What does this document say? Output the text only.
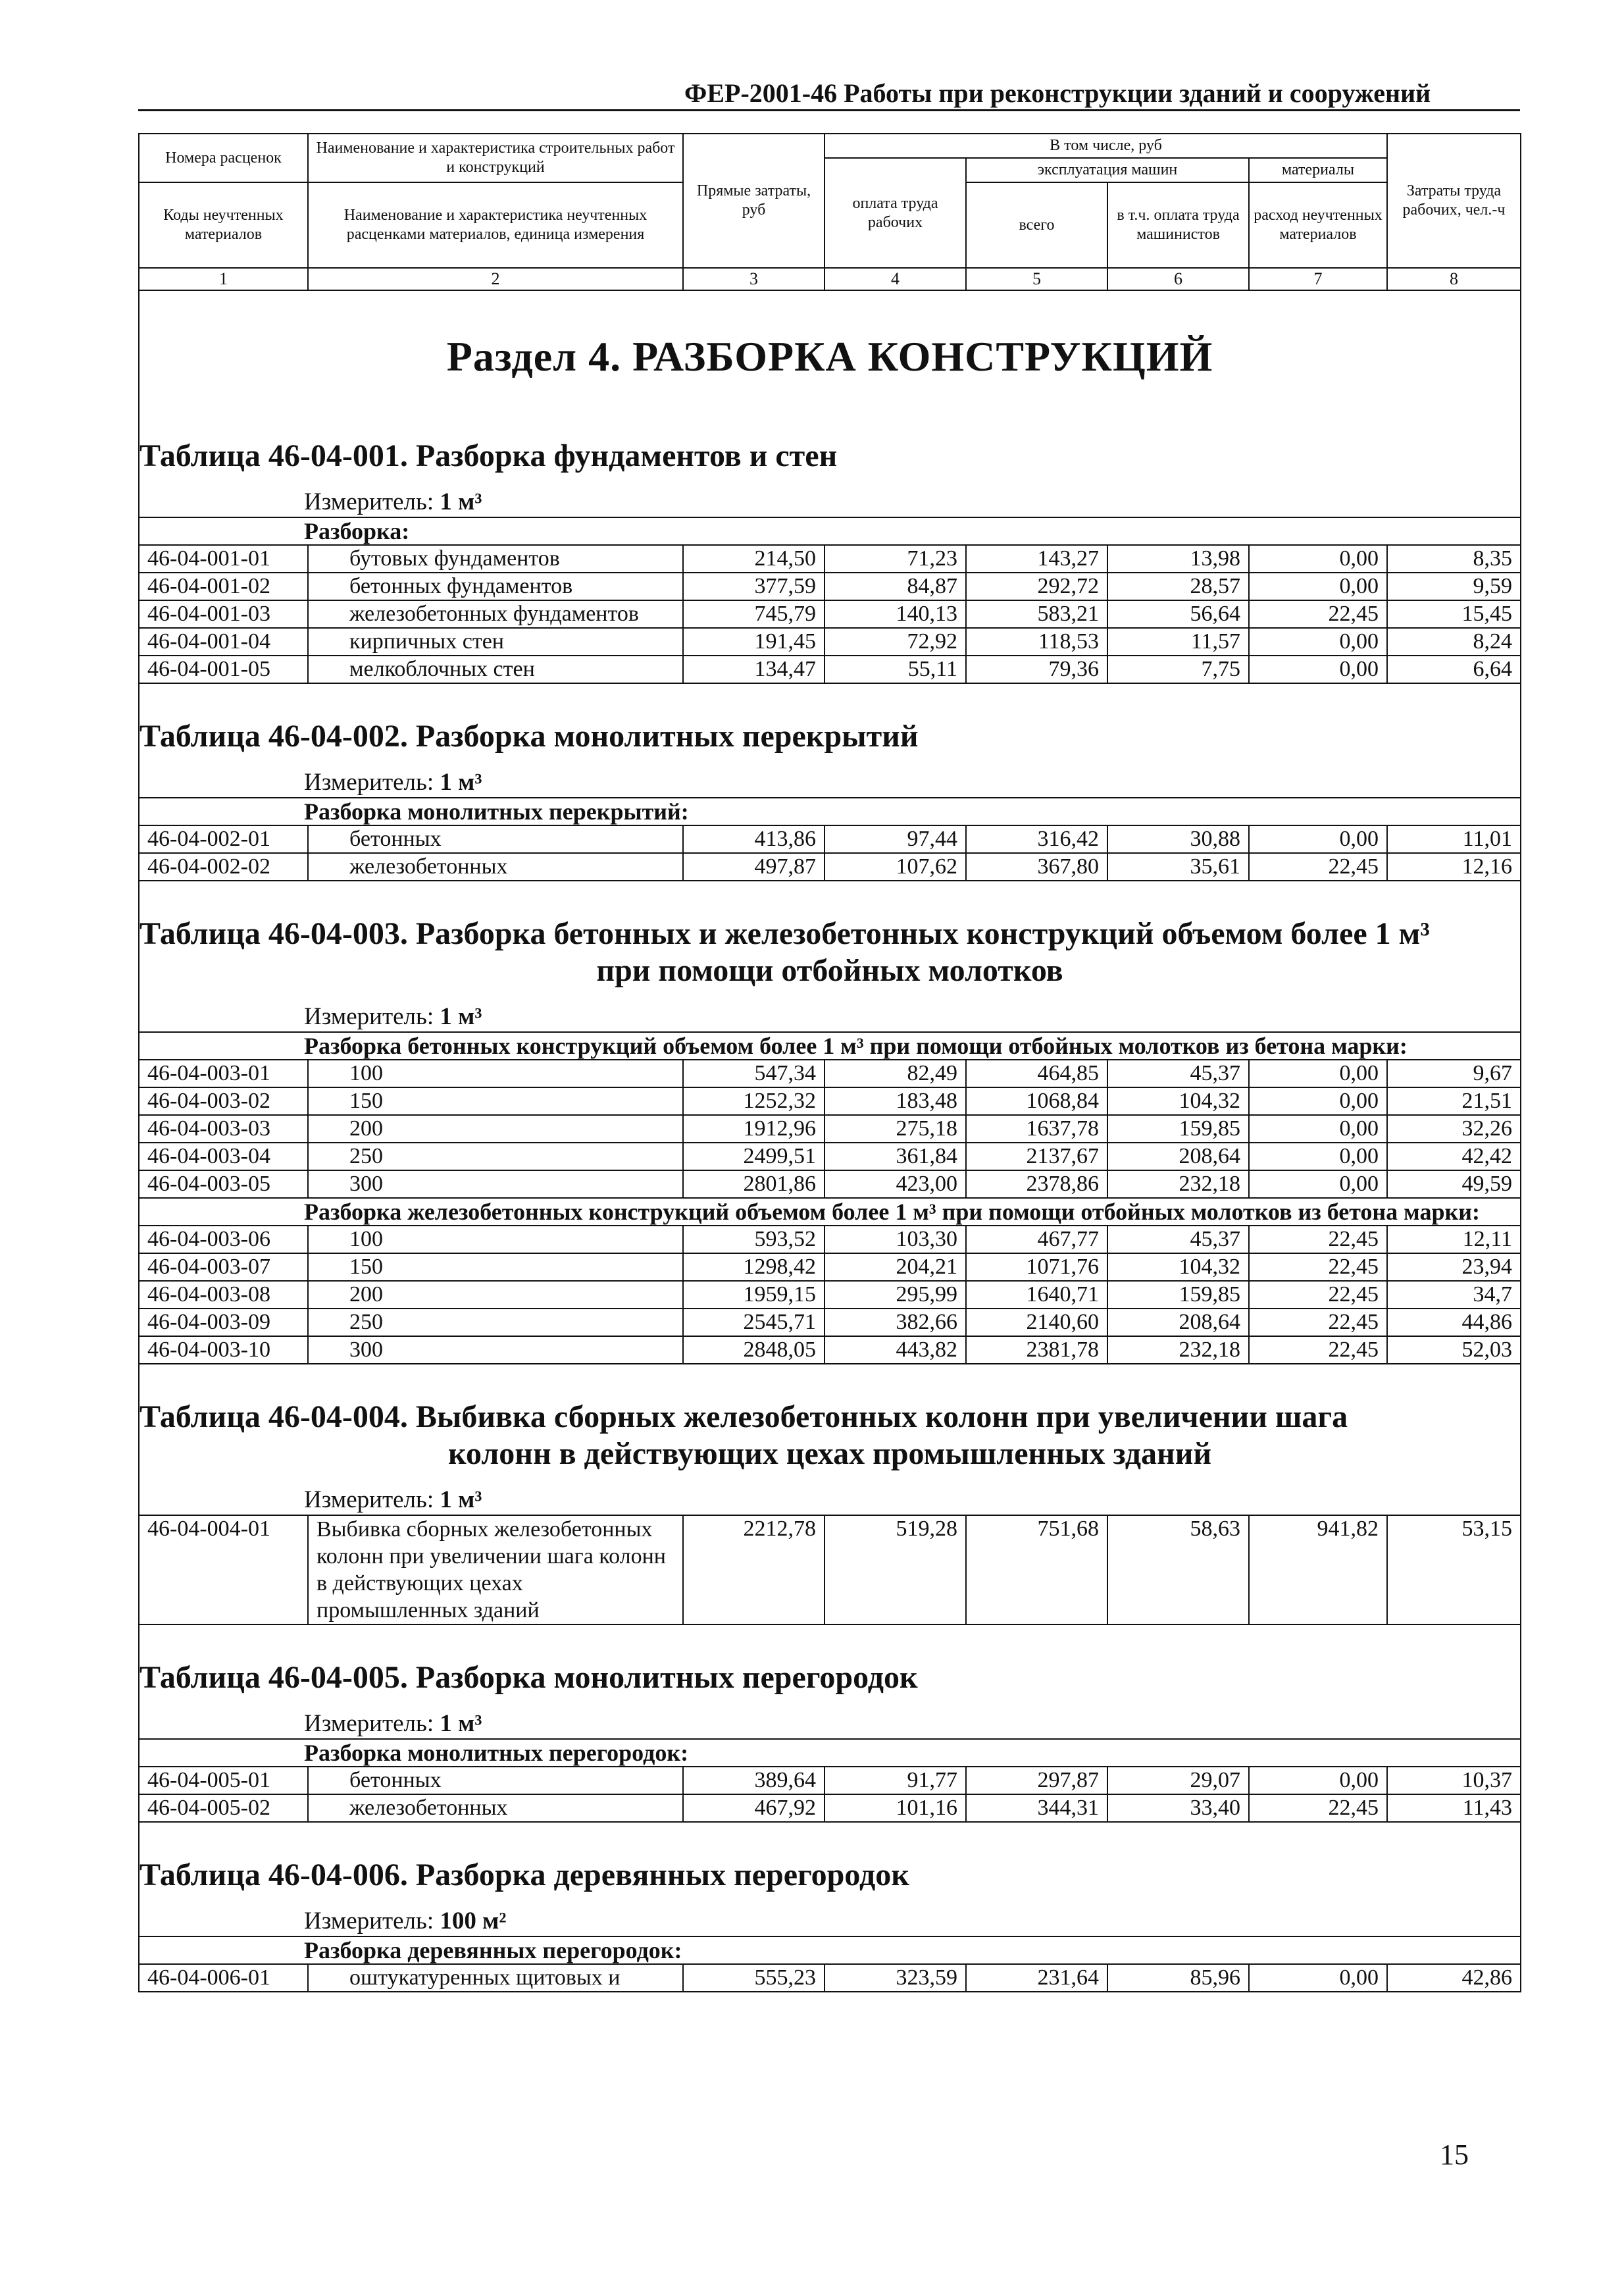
ФЕР-2001-46 Работы при реконструкции зданий и сооружений
Номера расценок	Наименование и характеристика строительных работ и конструкций	Прямые затраты, руб	В том числе, руб				Затраты труда рабочих, чел.-ч
			оплата труда рабочих	эксплуатация машин		материалы	
Коды неучтенных материалов	Наименование и характеристика неучтенных расценками материалов, единица измерения			всего	в т.ч. оплата труда машинистов	расход неучтенных материалов	

1	2	3	4	5	6	7	8
Раздел 4. РАЗБОРКА КОНСТРУКЦИЙ							
Таблица 46-04-001. Разборка фундаментов и стен							
Измеритель: 1 м³							
Разборка:							
46-04-001-01	бутовых фундаментов	214,50	71,23	143,27	13,98	0,00	8,35
46-04-001-02	бетонных фундаментов	377,59	84,87	292,72	28,57	0,00	9,59
46-04-001-03	железобетонных фундаментов	745,79	140,13	583,21	56,64	22,45	15,45
46-04-001-04	кирпичных стен	191,45	72,92	118,53	11,57	0,00	8,24
46-04-001-05	мелкоблочных стен	134,47	55,11	79,36	7,75	0,00	6,64
Таблица 46-04-002. Разборка монолитных перекрытий							
Измеритель: 1 м³							
Разборка монолитных перекрытий:							
46-04-002-01	бетонных	413,86	97,44	316,42	30,88	0,00	11,01
46-04-002-02	железобетонных	497,87	107,62	367,80	35,61	22,45	12,16
Таблица 46-04-003. Разборка бетонных и железобетонных конструкций объемом более 1 м³
при помощи отбойных молотков							

Измеритель: 1 м³							
Разборка бетонных конструкций объемом более 1 м³ при помощи отбойных молотков из бетона марки:							
46-04-003-01	100	547,34	82,49	464,85	45,37	0,00	9,67
46-04-003-02	150	1252,32	183,48	1068,84	104,32	0,00	21,51
46-04-003-03	200	1912,96	275,18	1637,78	159,85	0,00	32,26
46-04-003-04	250	2499,51	361,84	2137,67	208,64	0,00	42,42
46-04-003-05	300	2801,86	423,00	2378,86	232,18	0,00	49,59
Разборка железобетонных конструкций объемом более 1 м³ при помощи отбойных молотков из бетона марки:							
46-04-003-06	100	593,52	103,30	467,77	45,37	22,45	12,11
46-04-003-07	150	1298,42	204,21	1071,76	104,32	22,45	23,94
46-04-003-08	200	1959,15	295,99	1640,71	159,85	22,45	34,7
46-04-003-09	250	2545,71	382,66	2140,60	208,64	22,45	44,86
46-04-003-10	300	2848,05	443,82	2381,78	232,18	22,45	52,03
Таблица 46-04-004. Выбивка сборных железобетонных колонн при увеличении шага
колонн в действующих цехах промышленных зданий							

Измеритель: 1 м³							
46-04-004-01	Выбивка сборных железобетонных колонн при увеличении шага колонн в действующих цехах промышленных зданий	2212,78	519,28	751,68	58,63	941,82	53,15
Таблица 46-04-005. Разборка монолитных перегородок							
Измеритель: 1 м³							
Разборка монолитных перегородок:							
46-04-005-01	бетонных	389,64	91,77	297,87	29,07	0,00	10,37
46-04-005-02	железобетонных	467,92	101,16	344,31	33,40	22,45	11,43
Таблица 46-04-006. Разборка деревянных перегородок							
Измеритель: 100 м²							
Разборка деревянных перегородок:							
46-04-006-01	оштукатуренных щитовых и	555,23	323,59	231,64	85,96	0,00	42,86
15
